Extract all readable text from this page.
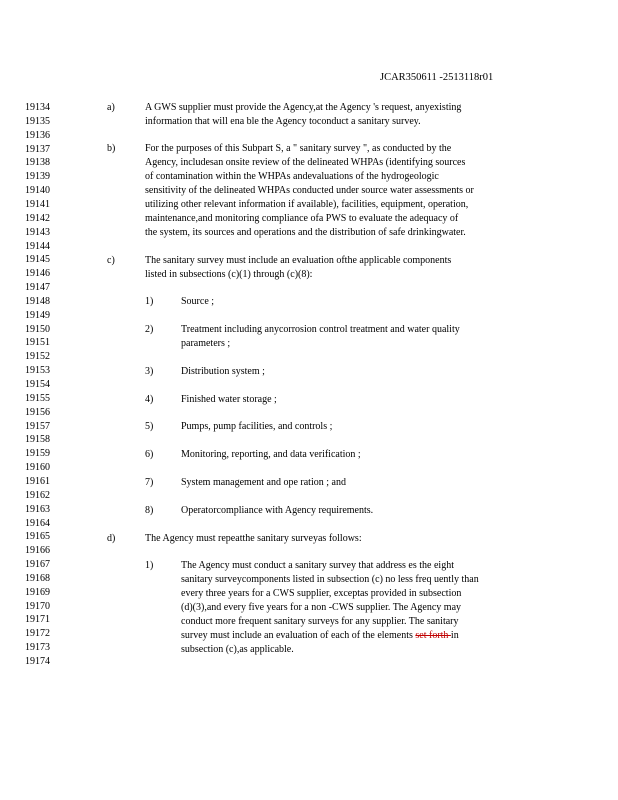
JCAR350611 -2513118r01
19134
19135
19136
19137
19138
19139
19140
19141
19142
19143
19144
19145
19146
19147
19148
19149
19150
19151
19152
19153
19154
19155
19156
19157
19158
19159
19160
19161
19162
19163
19164
19165
19166
19167
19168
19169
19170
19171
19172
19173
19174
a)	A GWS supplier must provide the Agency,at the Agency 's request, anyexisting
information that will ena ble the Agency toconduct a sanitary survey.
b)	For the purposes of this Subpart S, a " sanitary survey ", as conducted by the
Agency, includesan onsite review of the delineated WHPAs (identifying sources
of contamination within the WHPAs andevaluations of the hydrogeologic
sensitivity of the delineated WHPAs conducted under source water assessments or
utilizing other relevant information if available), facilities, equipment, operation,
maintenance,and monitoring compliance ofa PWS to evaluate the adequacy of
the system, its sources and operations and the distribution of safe drinkingwater.
c)	The sanitary survey must include an evaluation ofthe applicable components
listed in subsections (c)(1) through (c)(8):
1)	Source ;
2)	Treatment including anycorrosion control treatment and water quality
parameters ;
3)	Distribution system ;
4)	Finished water storage ;
5)	Pumps, pump facilities, and controls ;
6)	Monitoring, reporting, and data verification ;
7)	System management and ope ration ; and
8)	Operatorcompliance with Agency requirements.
d)	The Agency must repeatthe sanitary surveyas follows:
1)	The Agency must conduct a sanitary survey that address es the eight
sanitary surveycomponents listed in subsection (c) no less freq uently than
every three years for a CWS supplier, exceptas provided in subsection
(d)(3),and every five years for a non -CWS supplier. The Agency may
conduct more frequent sanitary surveys for any supplier. The sanitary
survey must include an evaluation of each of the elements set forth in
subsection (c),as applicable.
